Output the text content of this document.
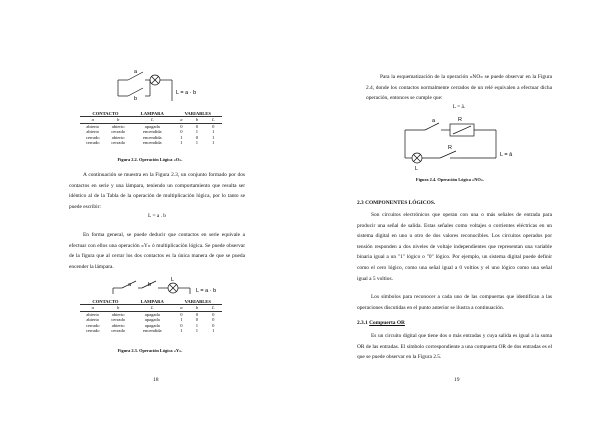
a
b
L = a · b
CONTACTO		LAMPARA	VARIABLES		
a	b	L	a	b	L
abierto	abierto	apagada	0	0	0
abierto	cerrado	encendida	0	1	1
cerrado	abierto	encendida	1	0	1
cerrado	cerrado	encendida	1	1	1
Figura 2.2. Operación Lógica «O».

A continuación se muestra en la Figura 2.3, un conjunto formado por dos contactos en serie y una lámpara, teniendo un comportamiento que resulta ser idéntico al de la Tabla de la operación de multiplicación lógica, por lo tanto se puede escribir:

L = a . b

En forma general, se puede deducir que contactos en serie equivale a efectuar con ellos una operación «Y» ó multiplicación lógica. Se puede observar de la figura que al cerrar los dos contactos es la única manera de que se pueda encender la lámpara.

a	b
L
L = a · b
CONTACTO		LAMPARA	VARIABLES		
a	b	L	a	b	L
abierto	abierto	apagada	0	0	0
abierto	cerrado	apagada	1	0	0
cerrado	abierto	apagada	0	1	0
cerrado	cerrado	encendida	1	1	1
Figura 2.3. Operación Lógica «Y».
18

Para la esquematización de la operación «NO» se puede observar en la Figura 2.4, donde los contactos normalmente cerrados de un relé equivalen a efectuar dicha operación, entonces se cumple que:

L = ā.
R
a
R
L
L = ā
Figura 2.4. Operación Lógica «NO».
2.3 COMPONENTES LÓGICOS.

Son circuitos electrónicos que operan con una o más señales de entrada para producir una señal de salida. Estas señales como voltajes o corrientes eléctricas en un sistema digital en uno u otro de dos valores reconocibles. Los circuitos operados por tensión responden a dos niveles de voltaje independientes que representan una variable binaria igual a un "1" lógico o "0" lógico. Por ejemplo, un sistema digital puede definir como el cero lógico, como una señal igual a 0 voltios y el uno lógico como una señal igual a 5 voltios.

Los símbolos para reconocer a cada uno de las compuertas que identifican a las operaciones discutidas en el punto anterior se ilustra a continuación.

2.3.1 Compuerta OR

Es un circuito digital que tiene dos o más entradas y cuya salida es igual a la suma OR de las entradas. El símbolo correspondiente a una compuerta OR de dos entradas es el que se puede observar en la Figura 2.5.

19
